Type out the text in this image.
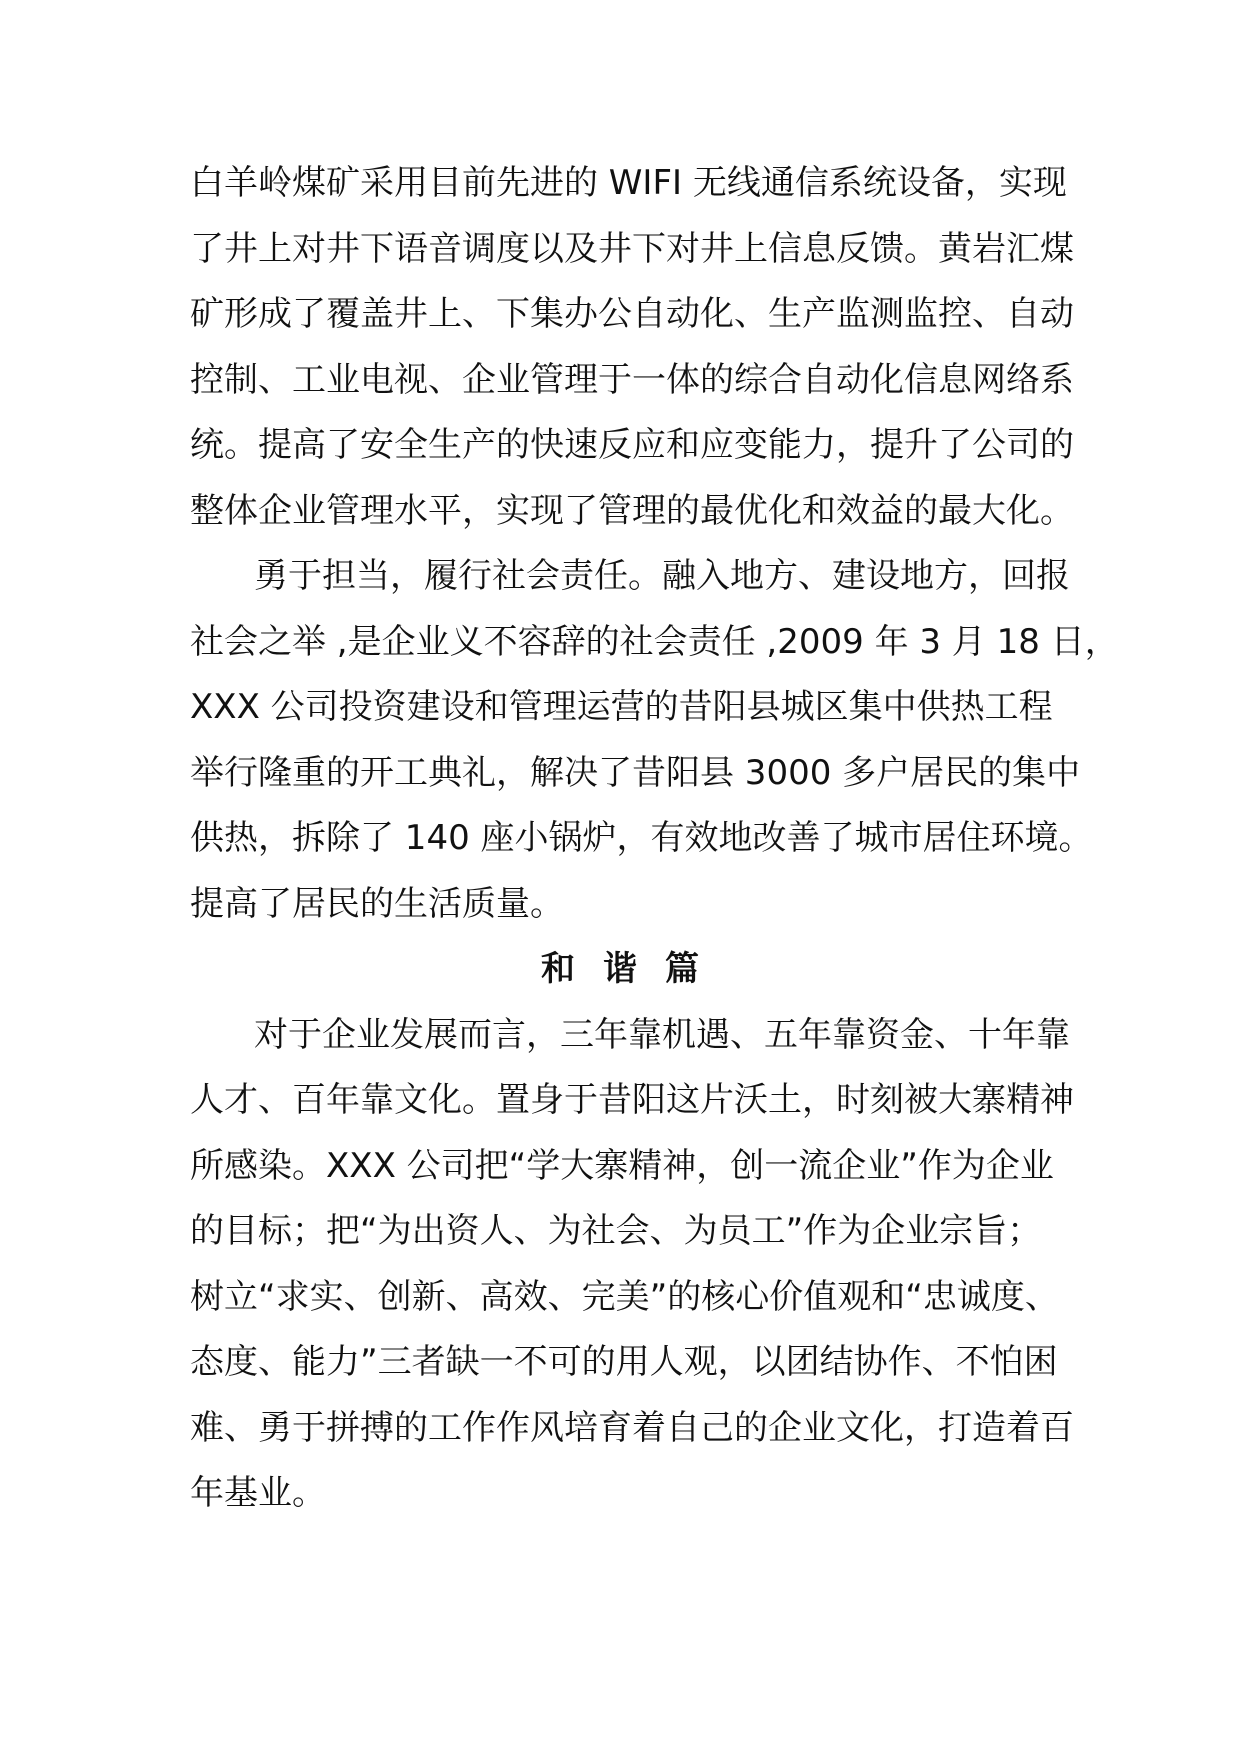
白羊岭煤矿采用目前先进的 WIFI 无线通信系统设备，实现
了井上对井下语音调度以及井下对井上信息反馈。黄岩汇煤
矿形成了覆盖井上、下集办公自动化、生产监测监控、自动
控制、工业电视、企业管理于一体的综合自动化信息网络系
统。提高了安全生产的快速反应和应变能力，提升了公司的
整体企业管理水平，实现了管理的最优化和效益的最大化。
勇于担当，履行社会责任。融入地方、建设地方，回报
社会之举 ,是企业义不容辞的社会责任 ,2009 年 3 月 18 日，
XXX 公司投资建设和管理运营的昔阳县城区集中供热工程
举行隆重的开工典礼，解决了昔阳县 3000 多户居民的集中
供热，拆除了 140 座小锅炉，有效地改善了城市居住环境。
提高了居民的生活质量。
和谐篇
对于企业发展而言，三年靠机遇、五年靠资金、十年靠
人才、百年靠文化。置身于昔阳这片沃土，时刻被大寨精神
所感染。XXX 公司把“学大寨精神，创一流企业”作为企业
的目标；把“为出资人、为社会、为员工”作为企业宗旨；
树立“求实、创新、高效、完美”的核心价值观和“忠诚度、
态度、能力”三者缺一不可的用人观，以团结协作、不怕困
难、勇于拼搏的工作作风培育着自己的企业文化，打造着百
年基业。
